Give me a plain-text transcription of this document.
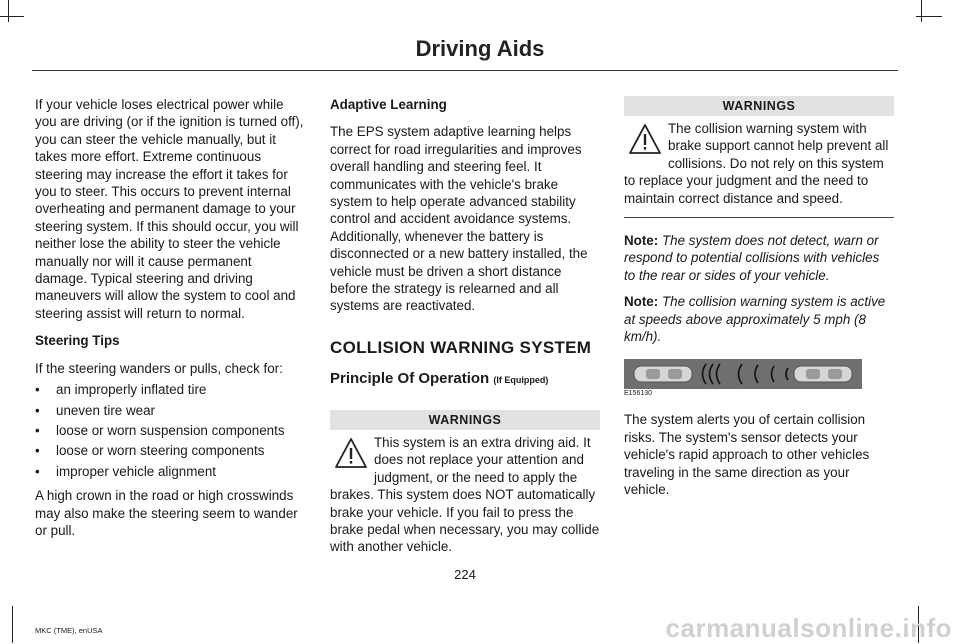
Driving Aids

If your vehicle loses electrical power while you are driving (or if the ignition is turned off), you can steer the vehicle manually, but it takes more effort. Extreme continuous steering may increase the effort it takes for you to steer. This occurs to prevent internal overheating and permanent damage to your steering system. If this should occur, you will neither lose the ability to steer the vehicle manually nor will it cause permanent damage. Typical steering and driving maneuvers will allow the system to cool and steering assist will return to normal.

Steering Tips

If the steering wanders or pulls, check for:

• an improperly inflated tire
• uneven tire wear
• loose or worn suspension components
• loose or worn steering components
• improper vehicle alignment

A high crown in the road or high crosswinds may also make the steering seem to wander or pull.

Adaptive Learning

The EPS system adaptive learning helps correct for road irregularities and improves overall handling and steering feel. It communicates with the vehicle's brake system to help operate advanced stability control and accident avoidance systems. Additionally, whenever the battery is disconnected or a new battery installed, the vehicle must be driven a short distance before the strategy is relearned and all systems are reactivated.

COLLISION WARNING SYSTEM

Principle Of Operation (If Equipped)

WARNINGS

This system is an extra driving aid. It does not replace your attention and judgment, or the need to apply the brakes. This system does NOT automatically brake your vehicle. If you fail to press the brake pedal when necessary, you may collide with another vehicle.

WARNINGS

The collision warning system with brake support cannot help prevent all collisions. Do not rely on this system to replace your judgment and the need to maintain correct distance and speed.

Note: The system does not detect, warn or respond to potential collisions with vehicles to the rear or sides of your vehicle.

Note: The collision warning system is active at speeds above approximately 5 mph (8 km/h).

E156130

The system alerts you of certain collision risks. The system's sensor detects your vehicle's rapid approach to other vehicles traveling in the same direction as your vehicle.

224
MKC (TME), enUSA	carmanualsonline.info
